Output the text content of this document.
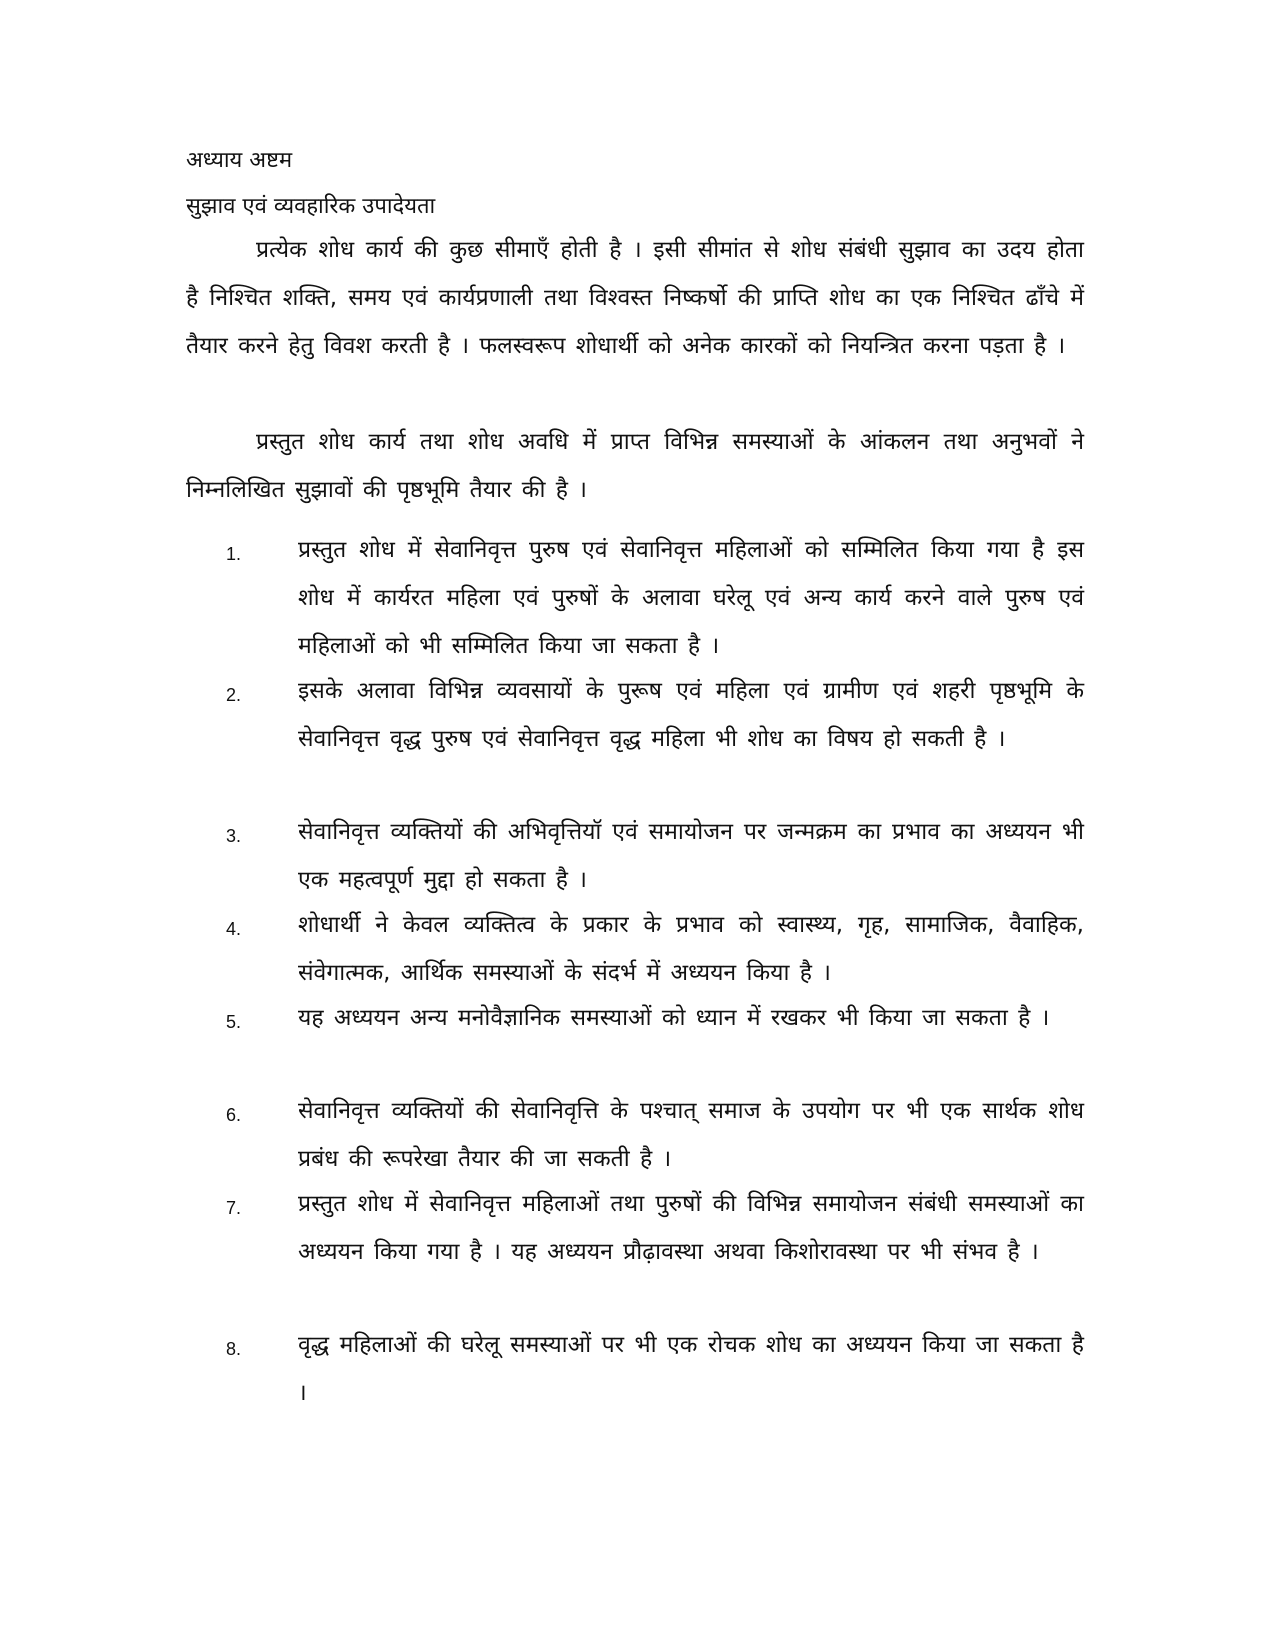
अध्याय अष्टम
सुझाव एवं व्यवहारिक उपादेयता

प्रत्येक शोध कार्य की कुछ सीमाएँ होती है । इसी सीमांत से शोध संबंधी सुझाव का उदय होता है निश्चित शक्ति, समय एवं कार्यप्रणाली तथा विश्वस्त निष्कर्षो की प्राप्ति शोध का एक निश्चित ढॉंचे में तैयार करने हेतु विवश करती है । फलस्वरूप शोधार्थी को अनेक कारकों को नियन्त्रित करना पड़ता है ।

प्रस्तुत शोध कार्य तथा शोध अवधि में प्राप्त विभिन्न समस्याओं के आंकलन तथा अनुभवों ने निम्नलिखित सुझावों की पृष्ठभूमि तैयार की है ।

1. प्रस्तुत शोध में सेवानिवृत्त पुरुष एवं सेवानिवृत्त महिलाओं को सम्मिलित किया गया है इस शोध में कार्यरत महिला एवं पुरुषों के अलावा घरेलू एवं अन्य कार्य करने वाले पुरुष एवं महिलाओं को भी सम्मिलित किया जा सकता है ।
2. इसके अलावा विभिन्न व्यवसायों के पुरूष एवं महिला एवं ग्रामीण एवं शहरी पृष्ठभूमि के सेवानिवृत्त वृद्ध पुरुष एवं सेवानिवृत्त वृद्ध महिला भी शोध का विषय हो सकती है ।
3. सेवानिवृत्त व्यक्तियों की अभिवृत्तियॉ एवं समायोजन पर जन्मक्रम का प्रभाव का अध्ययन भी एक महत्वपूर्ण मुद्दा हो सकता है ।
4. शोधार्थी ने केवल व्यक्तित्व के प्रकार के प्रभाव को स्वास्थ्य, गृह, सामाजिक, वैवाहिक, संवेगात्मक, आर्थिक समस्याओं के संदर्भ में अध्ययन किया है ।
5. यह अध्ययन अन्य मनोवैज्ञानिक समस्याओं को ध्यान में रखकर भी किया जा सकता है ।
6. सेवानिवृत्त व्यक्तियों की सेवानिवृत्ति के पश्चात् समाज के उपयोग पर भी एक सार्थक शोध प्रबंध की रूपरेखा तैयार की जा सकती है ।
7. प्रस्तुत शोध में सेवानिवृत्त महिलाओं तथा पुरुषों की विभिन्न समायोजन संबंधी समस्याओं का अध्ययन किया गया है । यह अध्ययन प्रौढ़ावस्था अथवा किशोरावस्था पर भी संभव है ।
8. वृद्ध महिलाओं की घरेलू समस्याओं पर भी एक रोचक शोध का अध्ययन किया जा सकता है ।
